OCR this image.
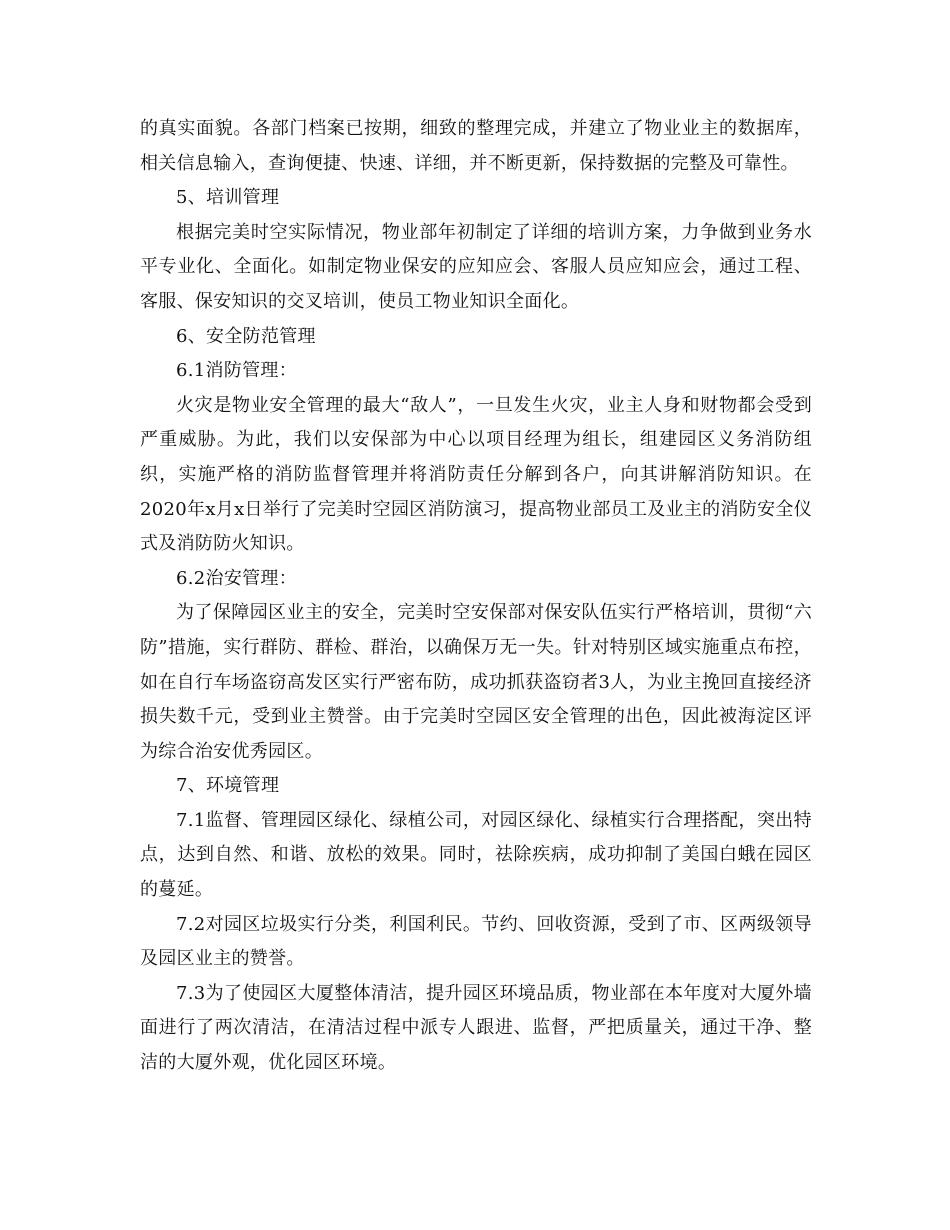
的真实面貌。各部门档案已按期，细致的整理完成，并建立了物业业主的数据库，相关信息输入，查询便捷、快速、详细，并不断更新，保持数据的完整及可靠性。

5、培训管理

根据完美时空实际情况，物业部年初制定了详细的培训方案，力争做到业务水平专业化、全面化。如制定物业保安的应知应会、客服人员应知应会，通过工程、客服、保安知识的交叉培训，使员工物业知识全面化。

6、安全防范管理

6.1消防管理：

火灾是物业安全管理的最大“敌人”，一旦发生火灾，业主人身和财物都会受到严重威胁。为此，我们以安保部为中心以项目经理为组长，组建园区义务消防组织，实施严格的消防监督管理并将消防责任分解到各户，向其讲解消防知识。在2020年x月x日举行了完美时空园区消防演习，提高物业部员工及业主的消防安全仪式及消防防火知识。

6.2治安管理：

为了保障园区业主的安全，完美时空安保部对保安队伍实行严格培训，贯彻“六防”措施，实行群防、群检、群治，以确保万无一失。针对特别区域实施重点布控，如在自行车场盗窃高发区实行严密布防，成功抓获盗窃者3人，为业主挽回直接经济损失数千元，受到业主赞誉。由于完美时空园区安全管理的出色，因此被海淀区评为综合治安优秀园区。

7、环境管理

7.1监督、管理园区绿化、绿植公司，对园区绿化、绿植实行合理搭配，突出特点，达到自然、和谐、放松的效果。同时，祛除疾病，成功抑制了美国白蛾在园区的蔓延。

7.2对园区垃圾实行分类，利国利民。节约、回收资源，受到了市、区两级领导及园区业主的赞誉。

7.3为了使园区大厦整体清洁，提升园区环境品质，物业部在本年度对大厦外墙面进行了两次清洁，在清洁过程中派专人跟进、监督，严把质量关，通过干净、整洁的大厦外观，优化园区环境。
